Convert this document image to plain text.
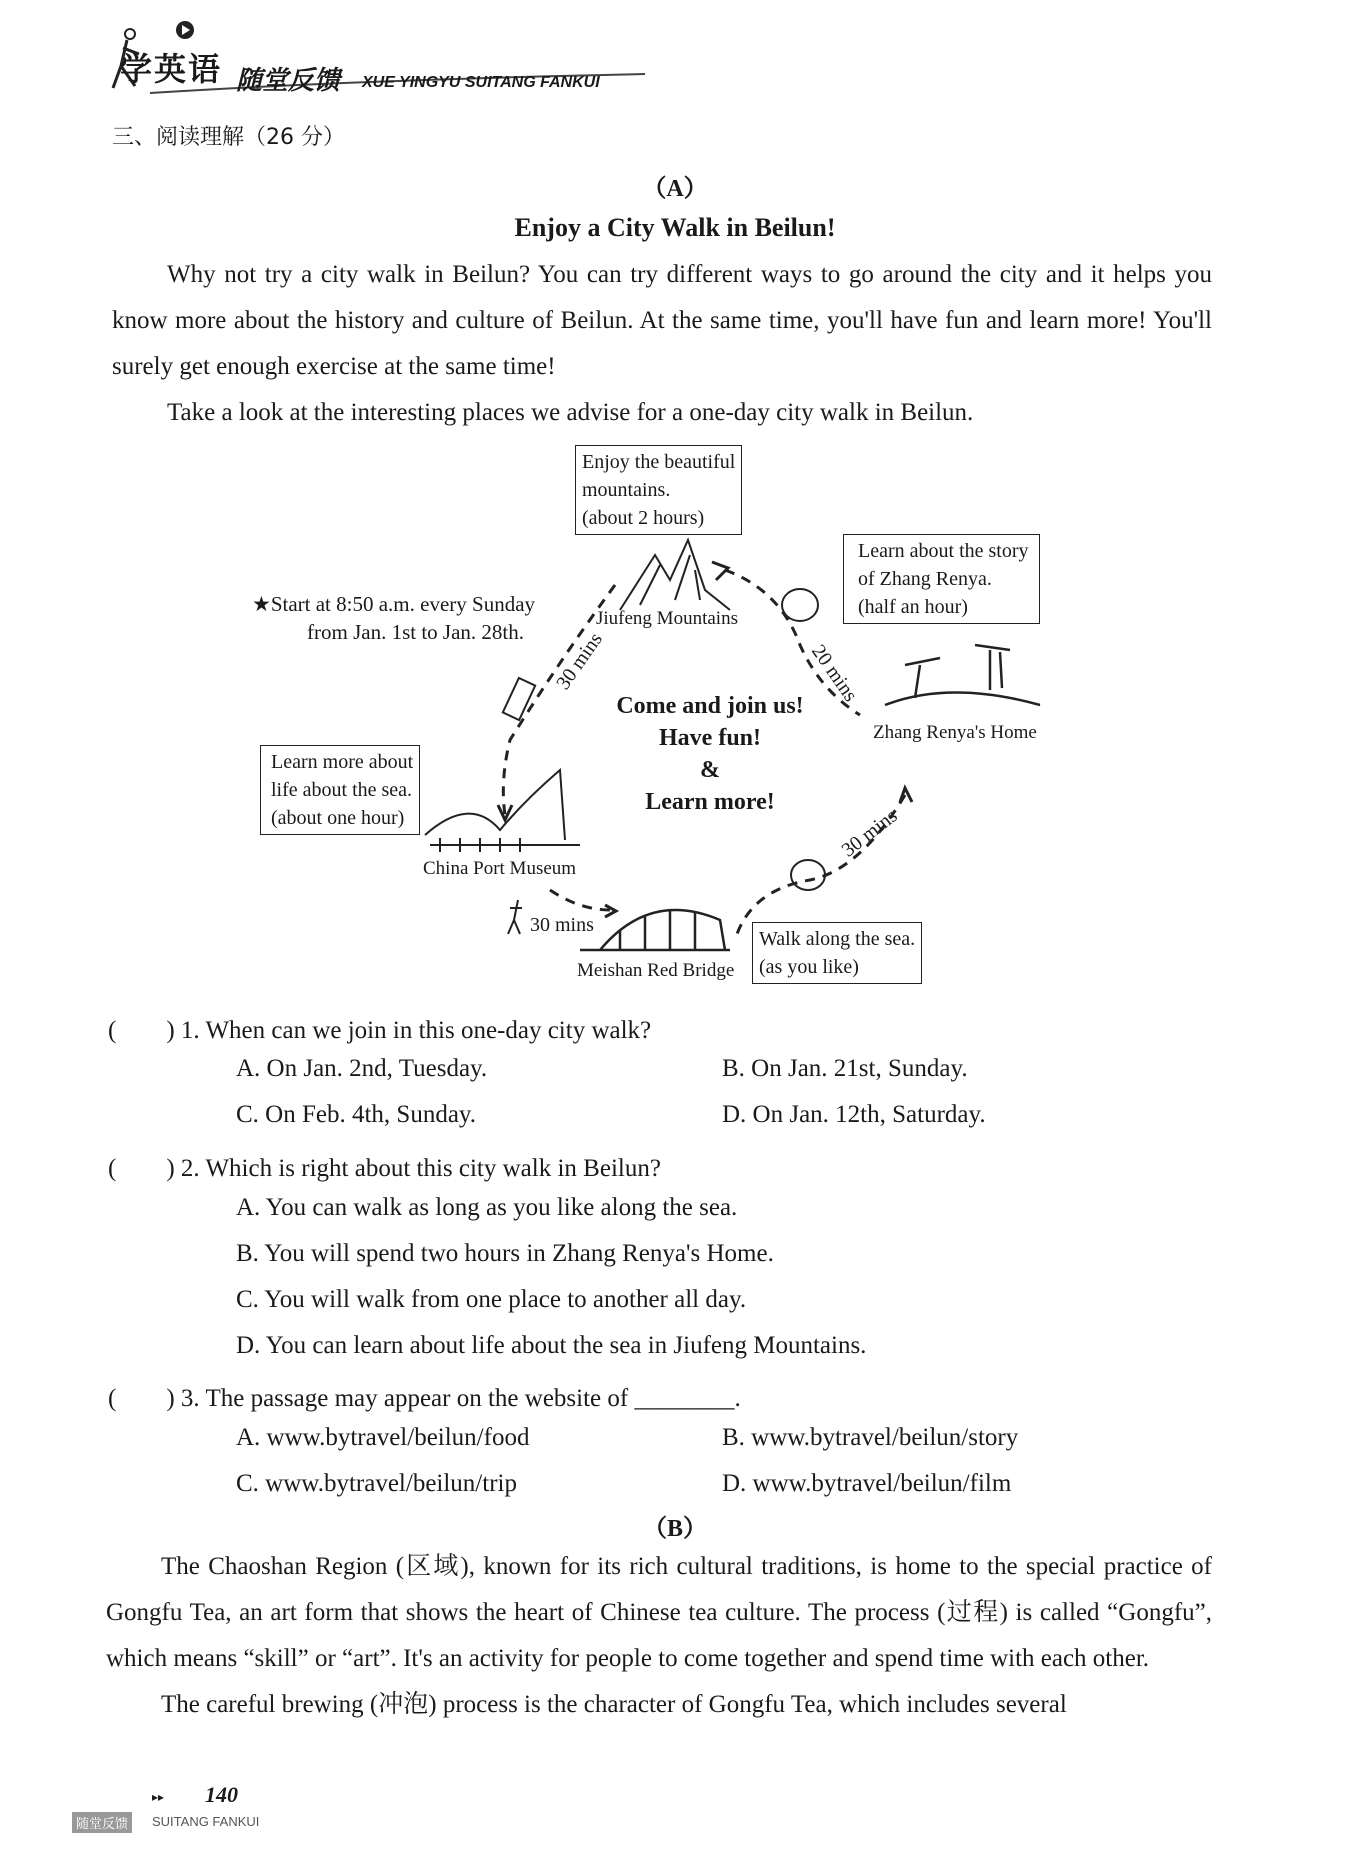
学英语 随堂反馈 XUE YINGYU SUITANG FANKUI
三、阅读理解（26 分）
（A）
Enjoy a City Walk in Beilun!

Why not try a city walk in Beilun? You can try different ways to go around the city and it helps you know more about the history and culture of Beilun. At the same time, you'll have fun and learn more! You'll surely get enough exercise at the same time!

Take a look at the interesting places we advise for a one-day city walk in Beilun.

Enjoy the beautiful
mountains.
(about 2 hours)
Learn about the story
of Zhang Renya.
(half an hour)
Learn more about
life about the sea.
(about one hour)
Walk along the sea.
(as you like)
★Start at 8:50 a.m. every Sunday
from Jan. 1st to Jan. 28th.
Jiufeng Mountains
Zhang Renya's Home
China Port Museum
Meishan Red Bridge
30 mins	20 mins
30 mins
30 mins
Come and join us!
Have fun!
&
Learn more!
(　　) 1. When can we join in this one-day city walk?
A. On Jan. 2nd, Tuesday.	B. On Jan. 21st, Sunday.
C. On Feb. 4th, Sunday.	D. On Jan. 12th, Saturday.
(　　) 2. Which is right about this city walk in Beilun?
A. You can walk as long as you like along the sea.
B. You will spend two hours in Zhang Renya's Home.
C. You will walk from one place to another all day.
D. You can learn about life about the sea in Jiufeng Mountains.
(　　) 3. The passage may appear on the website of ________.
A. www.bytravel/beilun/food	B. www.bytravel/beilun/story
C. www.bytravel/beilun/trip	D. www.bytravel/beilun/film
（B）

The Chaoshan Region (区域), known for its rich cultural traditions, is home to the special practice of Gongfu Tea, an art form that shows the heart of Chinese tea culture. The process (过程) is called “Gongfu”, which means “skill” or “art”. It's an activity for people to come together and spend time with each other.

The careful brewing (冲泡) process is the character of Gongfu Tea, which includes several

▸▸ 140
随堂反馈	SUITANG FANKUI
